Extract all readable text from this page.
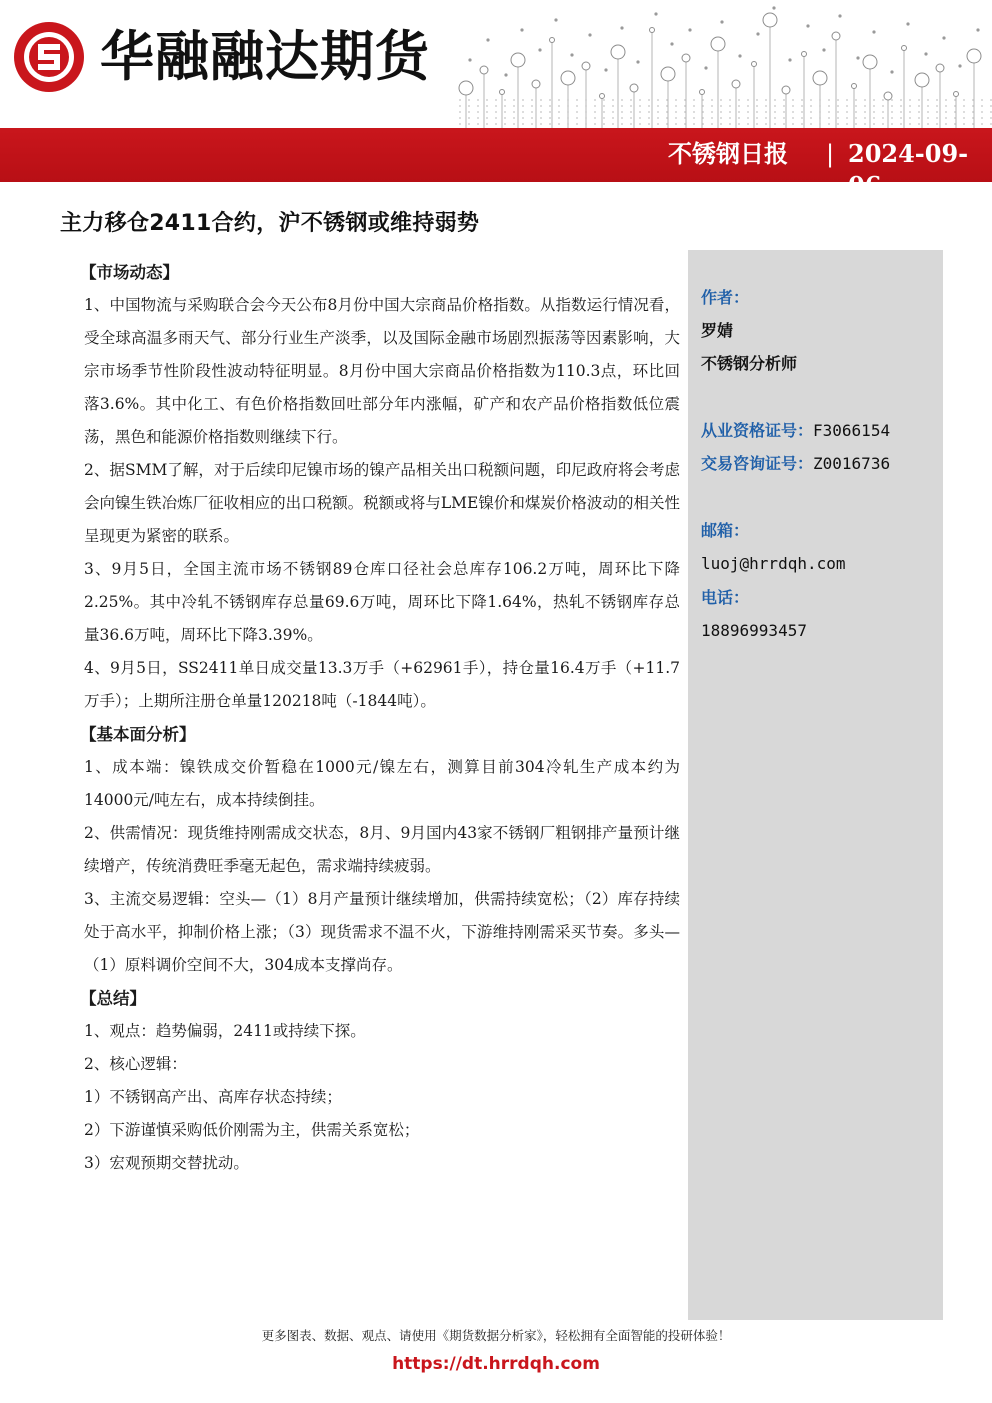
华融融达期货
不锈钢日报 | 2024-09-06
主力移仓2411合约，沪不锈钢或维持弱势
【市场动态】

1、中国物流与采购联合会今天公布8月份中国大宗商品价格指数。从指数运行情况看，受全球高温多雨天气、部分行业生产淡季，以及国际金融市场剧烈振荡等因素影响，大宗市场季节性阶段性波动特征明显。8月份中国大宗商品价格指数为110.3点，环比回落3.6%。其中化工、有色价格指数回吐部分年内涨幅，矿产和农产品价格指数低位震荡，黑色和能源价格指数则继续下行。

2、据SMM了解，对于后续印尼镍市场的镍产品相关出口税额问题，印尼政府将会考虑会向镍生铁冶炼厂征收相应的出口税额。税额或将与LME镍价和煤炭价格波动的相关性呈现更为紧密的联系。

3、9月5日，全国主流市场不锈钢89仓库口径社会总库存106.2万吨，周环比下降2.25%。其中冷轧不锈钢库存总量69.6万吨，周环比下降1.64%，热轧不锈钢库存总量36.6万吨，周环比下降3.39%。

4、9月5日，SS2411单日成交量13.3万手（+62961手），持仓量16.4万手（+11.7万手）；上期所注册仓单量120218吨（-1844吨）。

【基本面分析】

1、成本端：镍铁成交价暂稳在1000元/镍左右，测算目前304冷轧生产成本约为14000元/吨左右，成本持续倒挂。

2、供需情况：现货维持刚需成交状态，8月、9月国内43家不锈钢厂粗钢排产量预计继续增产，传统消费旺季毫无起色，需求端持续疲弱。

3、主流交易逻辑：空头—（1）8月产量预计继续增加，供需持续宽松；（2）库存持续处于高水平，抑制价格上涨；（3）现货需求不温不火，下游维持刚需采买节奏。多头—（1）原料调价空间不大，304成本支撑尚存。

【总结】

1、观点：趋势偏弱，2411或持续下探。

2、核心逻辑：

1）不锈钢高产出、高库存状态持续；

2）下游谨慎采购低价刚需为主，供需关系宽松；

3）宏观预期交替扰动。

作者：
罗婧
不锈钢分析师
从业资格证号：F3066154
交易咨询证号：Z0016736
邮箱：
luoj@hrrdqh.com
电话：
18896993457
更多图表、数据、观点、请使用《期货数据分析家》，轻松拥有全面智能的投研体验！
https://dt.hrrdqh.com
